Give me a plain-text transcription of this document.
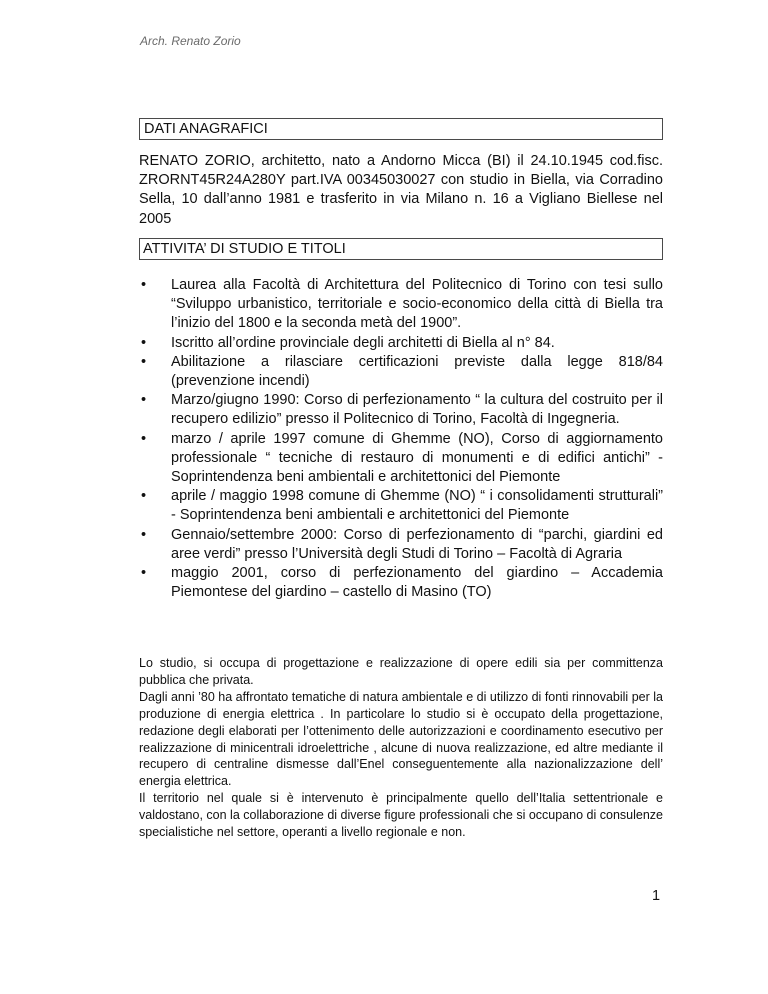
Arch. Renato Zorio
DATI ANAGRAFICI

RENATO ZORIO, architetto, nato a Andorno Micca (BI) il 24.10.1945 cod.fisc. ZRORNT45R24A280Y part.IVA 00345030027 con studio in Biella, via Corradino Sella, 10 dall’anno 1981 e trasferito in via Milano n. 16 a Vigliano Biellese nel 2005

ATTIVITA’ DI STUDIO E TITOLI
• Laurea alla Facoltà di Architettura del Politecnico di Torino con tesi sullo “Sviluppo urbanistico, territoriale e socio-economico della città di Biella tra l’inizio del 1800 e la seconda metà del 1900”.
• Iscritto all’ordine provinciale degli architetti di Biella al n° 84.
• Abilitazione a rilasciare certificazioni previste dalla legge 818/84 (prevenzione incendi)
• Marzo/giugno 1990: Corso di perfezionamento “ la cultura del costruito per il recupero edilizio” presso il Politecnico di Torino, Facoltà di Ingegneria.
• marzo / aprile 1997 comune di Ghemme (NO), Corso di aggiornamento professionale “ tecniche di restauro di monumenti e di edifici antichi” - Soprintendenza beni ambientali e architettonici del Piemonte
• aprile / maggio 1998 comune di Ghemme (NO) “ i consolidamenti strutturali” - Soprintendenza beni ambientali e architettonici del Piemonte
• Gennaio/settembre 2000: Corso di perfezionamento di “parchi, giardini ed aree verdi” presso l’Università degli Studi di Torino – Facoltà di Agraria
• maggio 2001, corso di perfezionamento del giardino – Accademia Piemontese del giardino – castello di Masino (TO)

Lo studio, si occupa di progettazione e realizzazione di opere edili sia per committenza pubblica che privata.

Dagli anni ’80 ha affrontato tematiche di natura ambientale e di utilizzo di fonti rinnovabili per la produzione di energia elettrica . In particolare lo studio si è occupato della progettazione, redazione degli elaborati per l’ottenimento delle autorizzazioni e coordinamento esecutivo per realizzazione di minicentrali idroelettriche , alcune di nuova realizzazione, ed altre mediante il recupero di centraline dismesse dall’Enel conseguentemente alla nazionalizzazione dell’ energia elettrica.

Il territorio nel quale si è intervenuto è principalmente quello dell’Italia settentrionale e valdostano, con la collaborazione di diverse figure professionali che si occupano di consulenze specialistiche nel settore, operanti a livello regionale e non.

1
